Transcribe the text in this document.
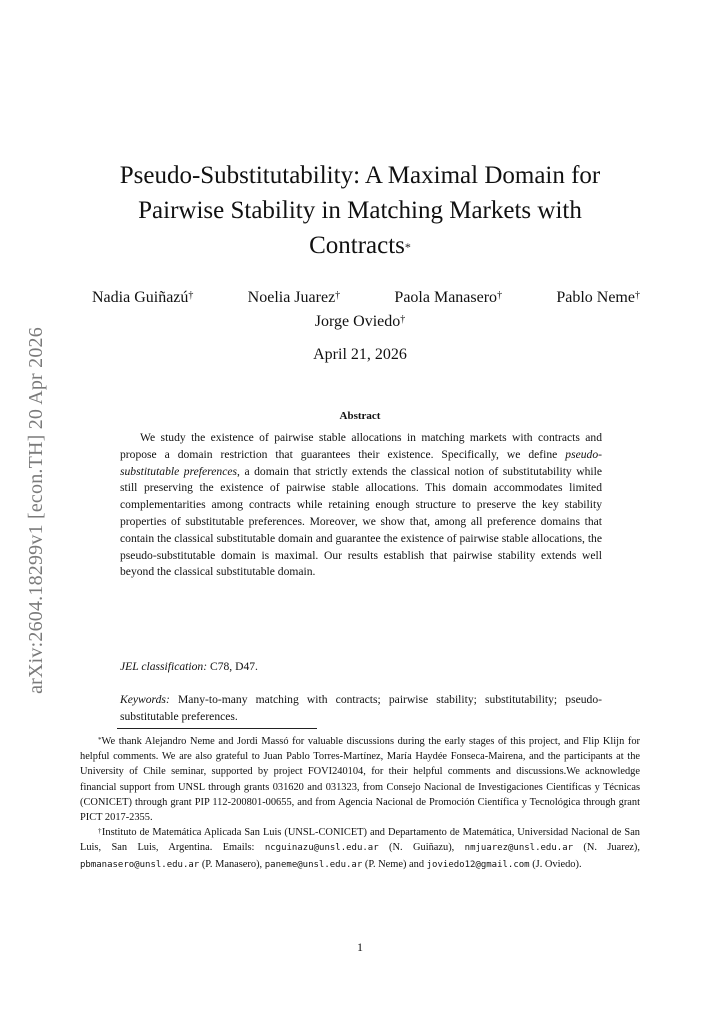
arXiv:2604.18299v1 [econ.TH] 20 Apr 2026
Pseudo-Substitutability: A Maximal Domain for
Pairwise Stability in Matching Markets with
Contracts*
Nadia Guiñazú†	Noelia Juarez†	Paola Manasero†	Pablo Neme†
Jorge Oviedo†
April 21, 2026
Abstract

We study the existence of pairwise stable allocations in matching markets with contracts and propose a domain restriction that guarantees their existence. Specifically, we define pseudo-substitutable preferences, a domain that strictly extends the classical notion of substitutability while still preserving the existence of pairwise stable allocations. This domain accommodates limited complementarities among contracts while retaining enough structure to preserve the key stability properties of substitutable preferences. Moreover, we show that, among all preference domains that contain the classical substitutable domain and guarantee the existence of pairwise stable allocations, the pseudo-substitutable domain is maximal. Our results establish that pairwise stability extends well beyond the classical substitutable domain.

JEL classification: C78, D47.
Keywords: Many-to-many matching with contracts; pairwise stability; substitutability; pseudo-substitutable preferences.

*We thank Alejandro Neme and Jordi Massó for valuable discussions during the early stages of this project, and Flip Klijn for helpful comments. We are also grateful to Juan Pablo Torres-Martínez, María Haydée Fonseca-Mairena, and the participants at the University of Chile seminar, supported by project FOVI240104, for their helpful comments and discussions.We acknowledge financial support from UNSL through grants 031620 and 031323, from Consejo Nacional de Investigaciones Científicas y Técnicas (CONICET) through grant PIP 112-200801-00655, and from Agencia Nacional de Promoción Científica y Tecnológica through grant PICT 2017-2355.

†Instituto de Matemática Aplicada San Luis (UNSL-CONICET) and Departamento de Matemática, Universidad Nacional de San Luis, San Luis, Argentina. Emails: ncguinazu@unsl.edu.ar (N. Guiñazu), nmjuarez@unsl.edu.ar (N. Juarez), pbmanasero@unsl.edu.ar (P. Manasero), paneme@unsl.edu.ar (P. Neme) and joviedo12@gmail.com (J. Oviedo).

1
